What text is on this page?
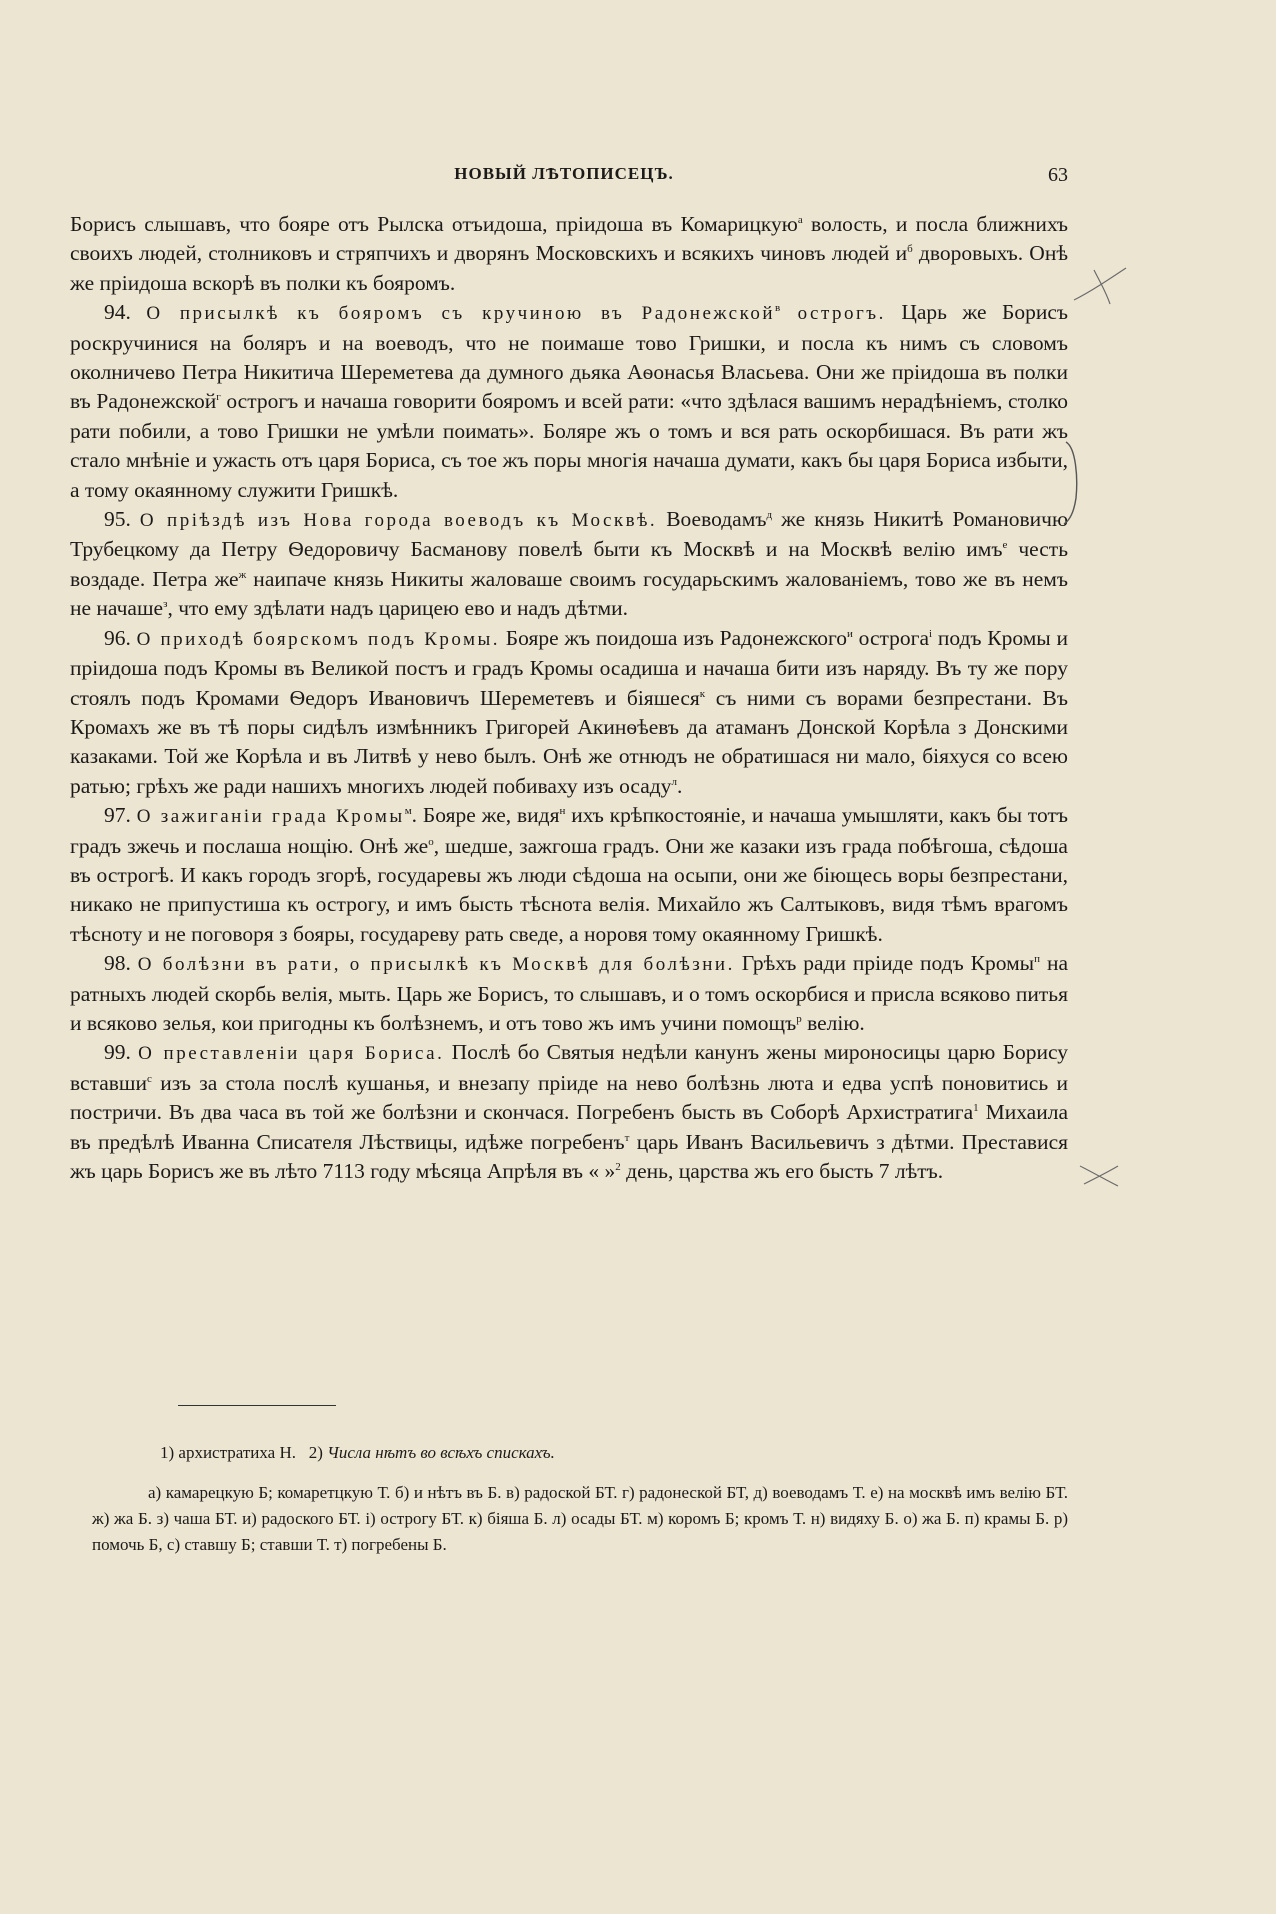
НОВЫЙ ЛѢТОПИСЕЦЪ.	63

Борисъ слышавъ, что бояре отъ Рылска отъидоша, пріидоша въ Комарицкую$^а$ волость, и посла ближнихъ своихъ людей, столниковъ и стряпчихъ и дворянъ Московскихъ и всякихъ чиновъ людей $и^б$ дворовыхъ. Онѣ же пріидоша вскорѣ въ полки къ бояромъ.

94. О присылкѣ къ бояромъ съ кручиною въ Радонежской$^в$ острогъ. Царь же Борисъ роскручинися на боляръ и на воеводъ, что не поимаше тово Гришки, и посла къ нимъ съ словомъ околничево Петра Никитича Шереметева да думного дьяка Аѳонасья Власьева. Они же пріидоша въ полки въ Радонежской$^г$ острогъ и начаша говорити бояромъ и всей рати: «что здѣлася вашимъ нерадѣніемъ, столко рати побили, а тово Гришки не умѣли поимать». Боляре жъ о томъ и вся рать оскорбишася. Въ рати жъ стало мнѣніе и ужасть отъ царя Бориса, съ тое жъ поры многія начаша думати, какъ бы царя Бориса избыти, а тому окаянному служити Гришкѣ.

95. О пріѣздѣ изъ Нова города воеводъ къ Москвѣ. Воеводамъ$^д$ же князь Никитѣ Романовичю Трубецкому да Петру Ѳедоровичу Басманову повелѣ быти къ Москвѣ и на Москвѣ велію имъ$^е$ честь воздаде. Петра $же^ж$ наипаче князь Никиты жаловаше своимъ государьскимъ жалованіемъ, тово же въ немъ не начаше$^з$, что ему здѣлати надъ царицею ево и надъ дѣтми.

96. О приходѣ боярскомъ подъ Кромы. Бояре жъ поидоша изъ Радонежского$^и$ острога$^і$ подъ Кромы и пріидоша подъ Кромы въ Великой постъ и градъ Кромы осадиша и начаша бити изъ наряду. Въ ту же пору стоялъ подъ Кромами Ѳедоръ Ивановичъ Шереметевъ и біяшеся$^к$ съ ними съ ворами безпрестани. Въ Кромахъ же въ тѣ поры сидѣлъ измѣнникъ Григорей Акинѳѣевъ да атаманъ Донской Корѣла з Донскими казаками. Той же Корѣла и въ Литвѣ у нево былъ. Онѣ же отнюдъ не обратишася ни мало, біяхуся со всею ратью; грѣхъ же ради нашихъ многихъ людей побиваху изъ осаду$^л$.

97. О зажиганіи града Кромы$^м$. Бояре же, видя$^н$ ихъ крѣпкостояніе, и начаша умышляти, какъ бы тотъ градъ зжечь и послаша нощію. Онѣ $же^о$, шедше, зажгоша градъ. Они же казаки изъ града побѣгоша, сѣдоша въ острогѣ. И какъ городъ згорѣ, государевы жъ люди сѣдоша на осыпи, они же біющесь воры безпрестани, никако не припустиша къ острогу, и имъ бысть тѣснота велія. Михайло жъ Салтыковъ, видя тѣмъ врагомъ тѣсноту и не поговоря з бояры, государеву рать сведе, а норовя тому окаянному Гришкѣ.

98. О болѣзни въ рати, о присылкѣ къ Москвѣ для болѣзни. Грѣхъ ради пріиде подъ Кромы$^п$ на ратныхъ людей скорбь велія, мыть. Царь же Борисъ, то слышавъ, и о томъ оскорбися и присла всяково питья и всяково зелья, кои пригодны къ болѣзнемъ, и отъ тово жъ имъ учини помощъ$^р$ велію.

99. О преставленіи царя Бориса. Послѣ бо Святыя недѣли канунъ жены мироносицы царю Борису вставши$^с$ изъ за стола послѣ кушанья, и внезапу пріиде на нево болѣзнь люта и едва успѣ поновитись и постричи. Въ два часа въ той же болѣзни и скончася. Погребенъ бысть въ Соборѣ Архистратига$^1$ Михаила въ предѣлѣ Иванна Списателя Лѣствицы, идѣже погребенъ$^т$ царь Иванъ Васильевичъ з дѣтми. Преставися жъ царь Борисъ же въ лѣто 7113 году мѣсяца Апрѣля въ « »$^2$ день, царства жъ его бысть 7 лѣтъ.

1) архистратиха Н. 2) Числа нѣтъ во всѣхъ спискахъ.
а) камарецкую Б; комаретцкую Т. б) и нѣтъ въ Б. в) радоской БТ. г) радонеской БТ, д) воеводамъ Т. е) на москвѣ имъ велію БТ. ж) жа Б. з) чаша БТ. и) радоского БТ. і) острогу БТ. к) біяша Б. л) осады БТ. м) коромъ Б; кромъ Т. н) видяху Б. о) жа Б. п) крамы Б. р) помочь Б, с) ставшу Б; ставши Т. т) погребены Б.
